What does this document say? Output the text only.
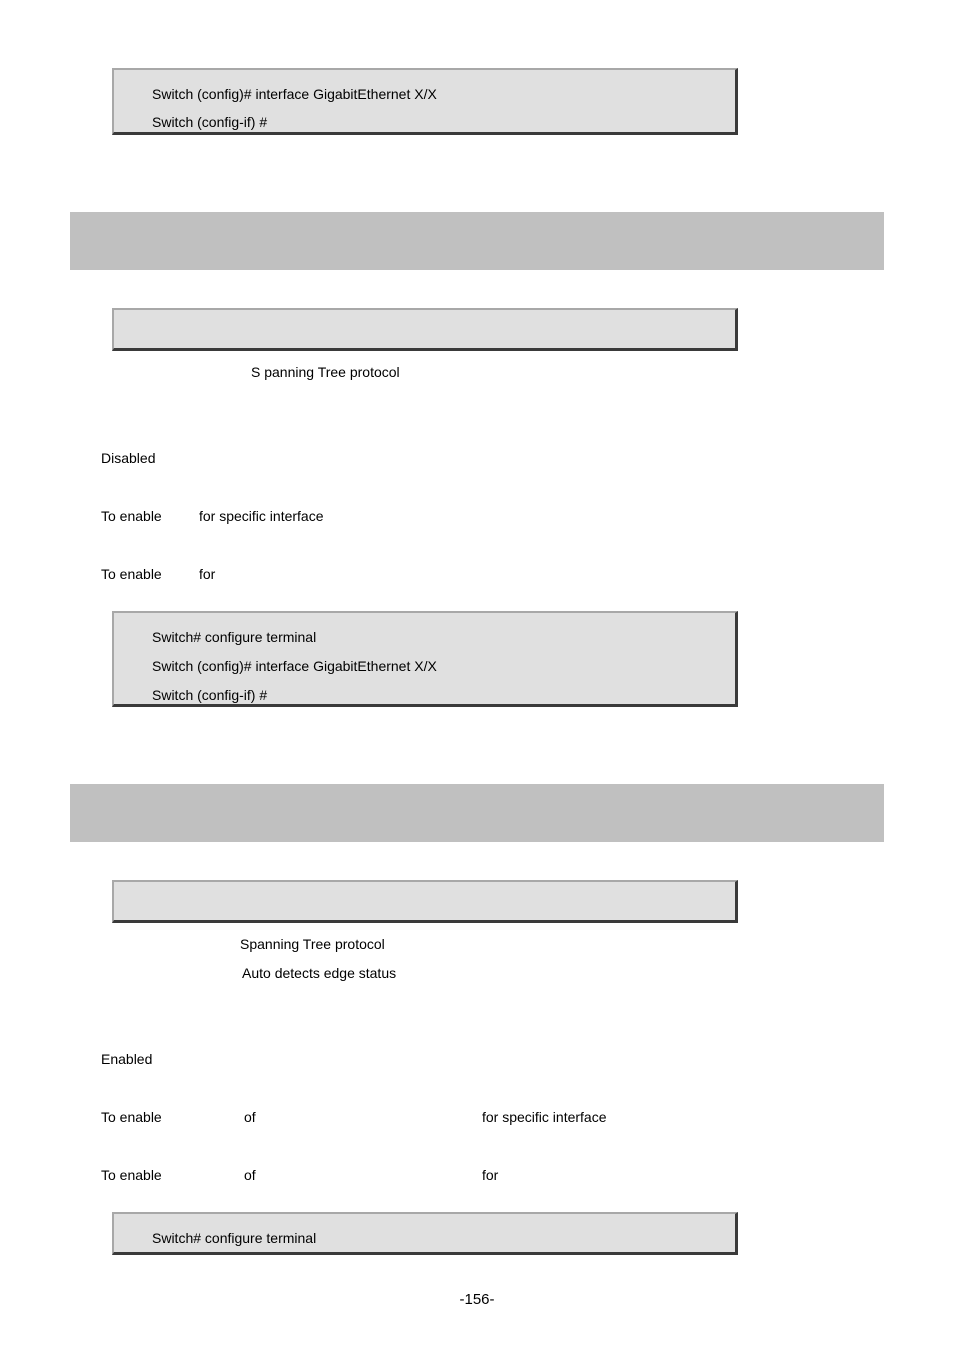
Switch (config)# interface GigabitEthernet X/X
Switch (config-if) #
S panning Tree protocol
Disabled
To enable	for specific interface
To enable	for
Switch# configure terminal
Switch (config)# interface GigabitEthernet X/X
Switch (config-if) #
Spanning Tree protocol
Auto detects edge status
Enabled
To enable	of	for specific interface
To enable	of	for
Switch# configure terminal
-156-
